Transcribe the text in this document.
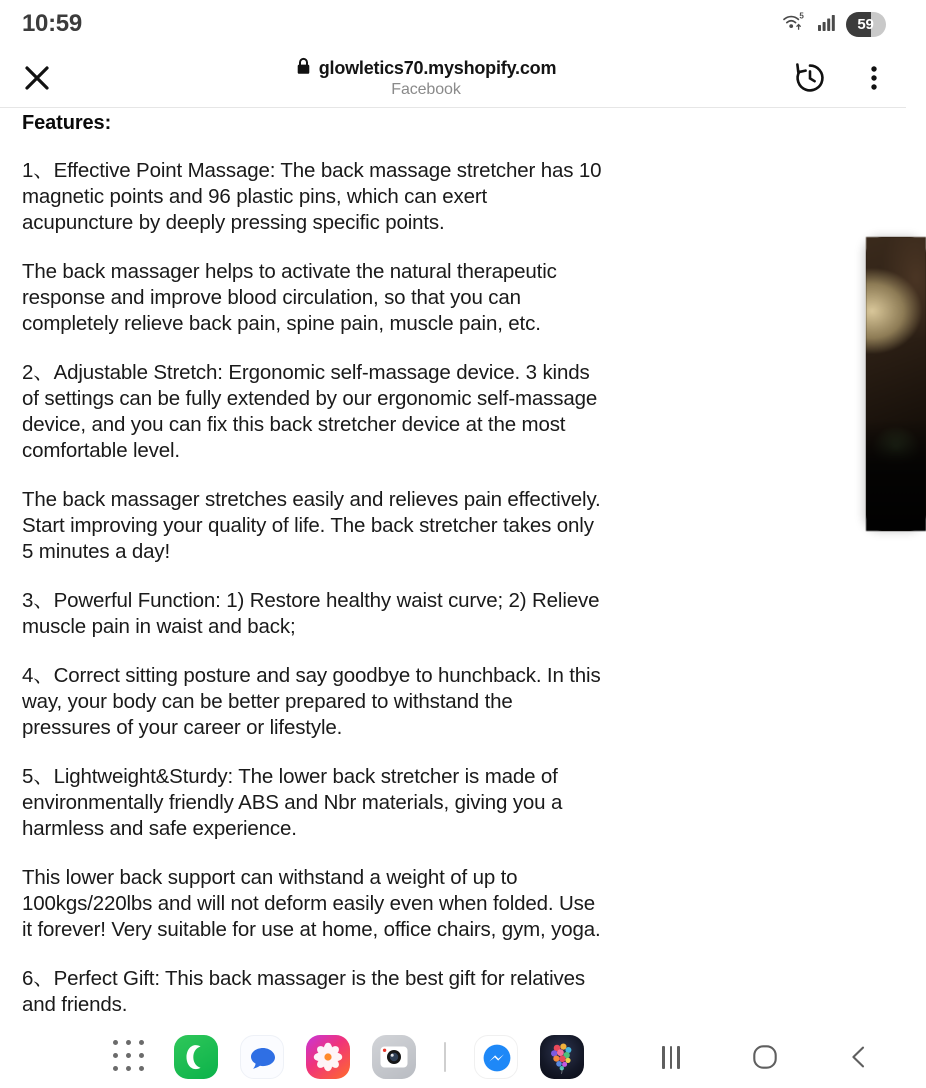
10:59	5
59
glowletics70.myshopify.com
Facebook
Features:

1、Effective Point Massage: The back massage stretcher has 10 magnetic points and 96 plastic pins, which can exert acupuncture by deeply pressing specific points.

The back massager helps to activate the natural therapeutic response and improve blood circulation, so that you can completely relieve back pain, spine pain, muscle pain, etc.

2、Adjustable Stretch: Ergonomic self-massage device. 3 kinds of settings can be fully extended by our ergonomic self-massage device, and you can fix this back stretcher device at the most comfortable level.

The back massager stretches easily and relieves pain effectively. Start improving your quality of life. The back stretcher takes only 5 minutes a day!

3、Powerful Function: 1) Restore healthy waist curve; 2) Relieve muscle pain in waist and back;

4、Correct sitting posture and say goodbye to hunchback. In this way, your body can be better prepared to withstand the pressures of your career or lifestyle.

5、Lightweight&Sturdy: The lower back stretcher is made of environmentally friendly ABS and Nbr materials, giving you a harmless and safe experience.

This lower back support can withstand a weight of up to 100kgs/220lbs and will not deform easily even when folded. Use it forever! Very suitable for use at home, office chairs, gym, yoga.

6、Perfect Gift: This back massager is the best gift for relatives and friends.
